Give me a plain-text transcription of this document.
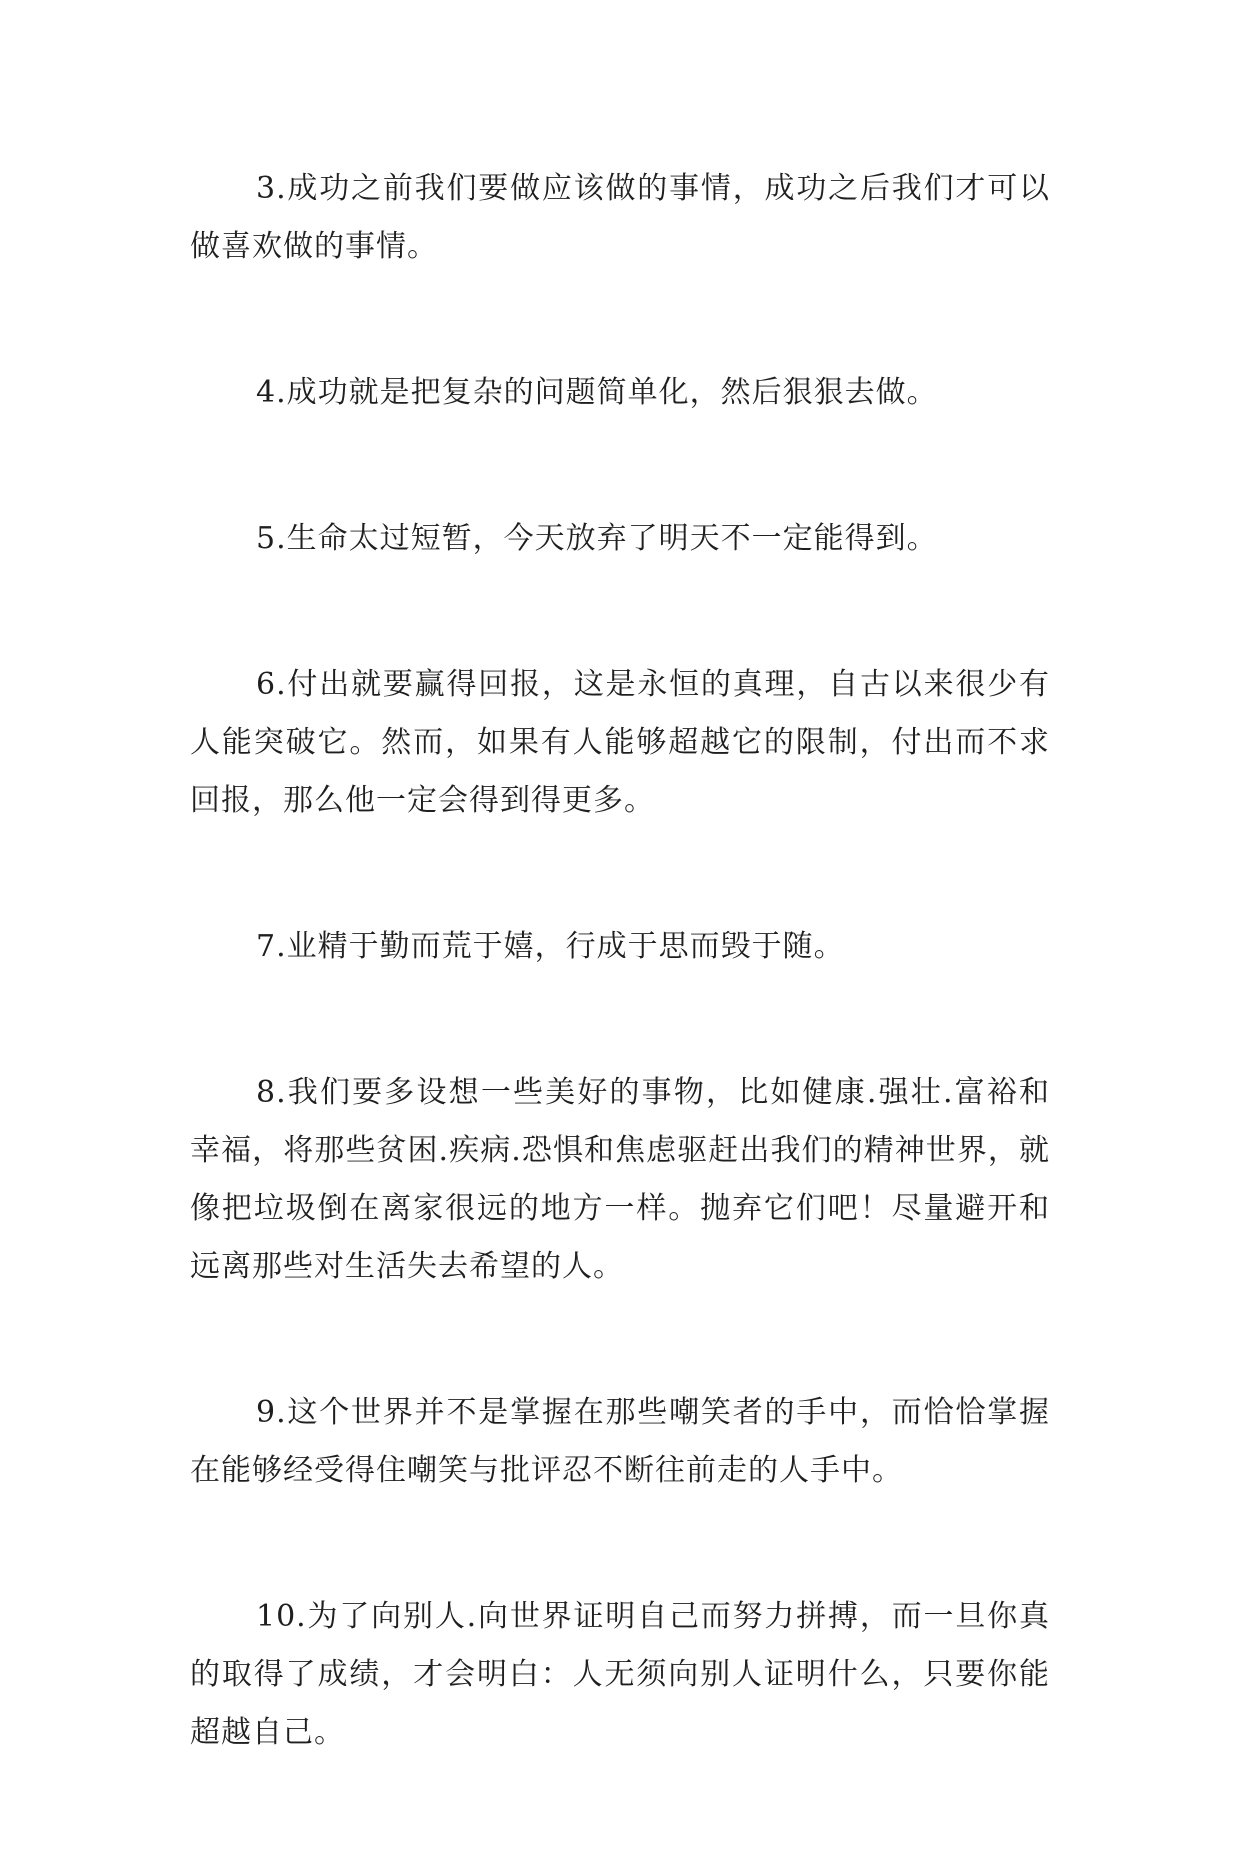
3.成功之前我们要做应该做的事情，成功之后我们才可以做喜欢做的事情。

4.成功就是把复杂的问题简单化，然后狠狠去做。

5.生命太过短暂，今天放弃了明天不一定能得到。

6.付出就要赢得回报，这是永恒的真理，自古以来很少有人能突破它。然而，如果有人能够超越它的限制，付出而不求回报，那么他一定会得到得更多。

7.业精于勤而荒于嬉，行成于思而毁于随。

8.我们要多设想一些美好的事物，比如健康.强壮.富裕和幸福，将那些贫困.疾病.恐惧和焦虑驱赶出我们的精神世界，就像把垃圾倒在离家很远的地方一样。抛弃它们吧！尽量避开和远离那些对生活失去希望的人。

9.这个世界并不是掌握在那些嘲笑者的手中，而恰恰掌握在能够经受得住嘲笑与批评忍不断往前走的人手中。

10.为了向别人.向世界证明自己而努力拼搏，而一旦你真的取得了成绩，才会明白：人无须向别人证明什么，只要你能超越自己。
